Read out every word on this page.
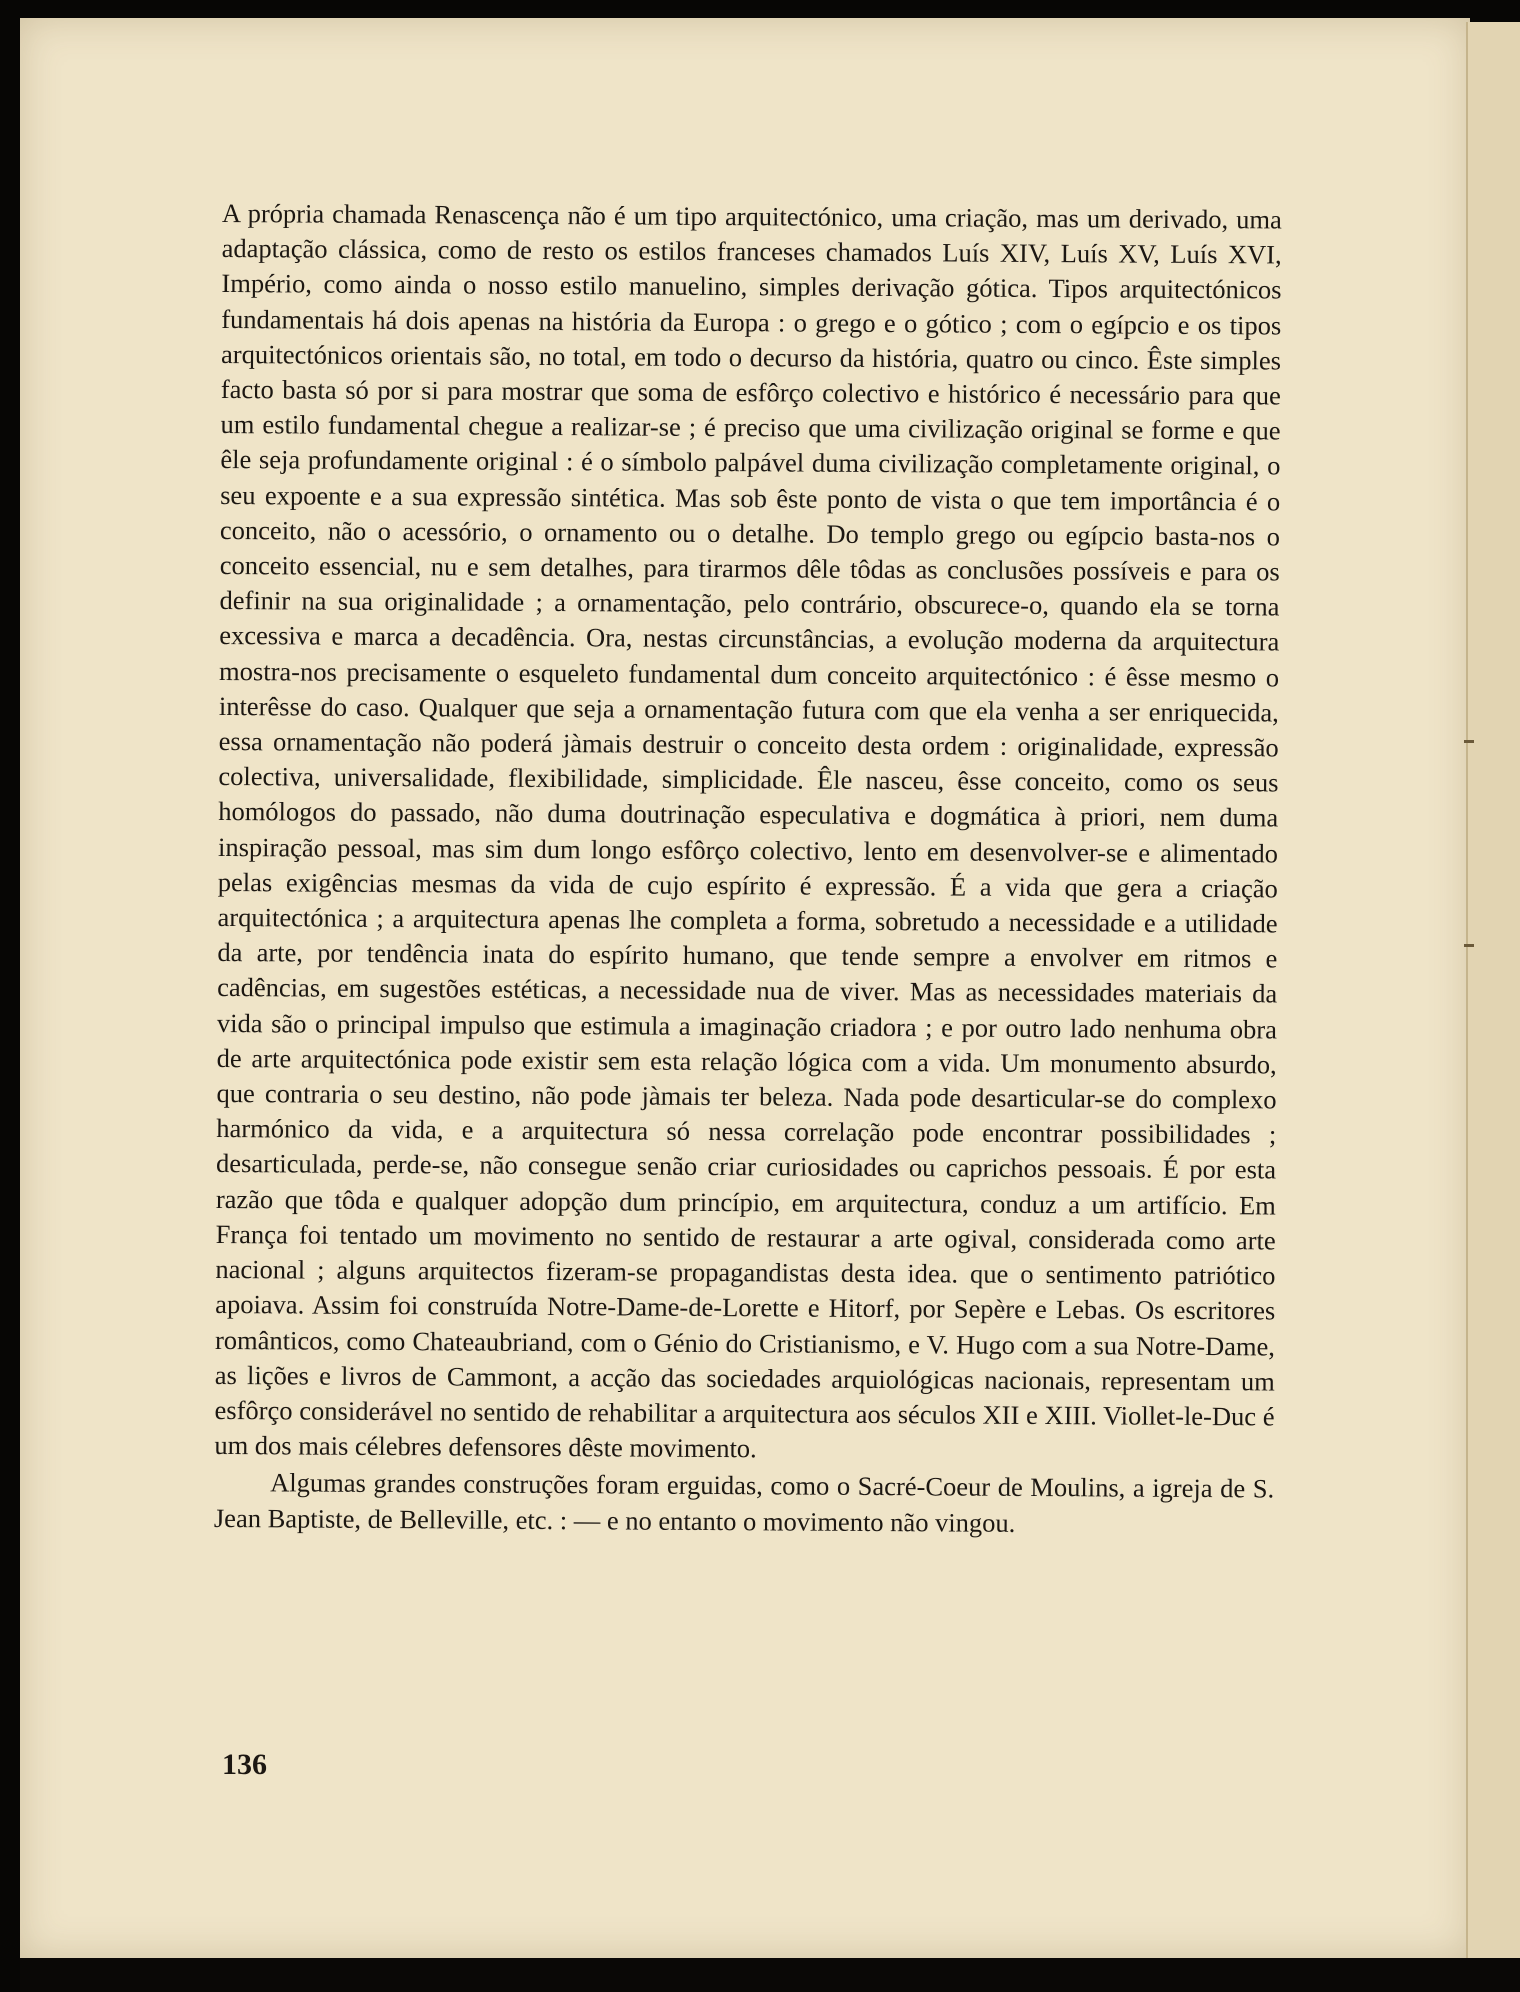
A própria chamada Renascença não é um tipo arquitectónico, uma criação, mas um derivado, uma adaptação clássica, como de resto os estilos franceses chamados Luís XIV, Luís XV, Luís XVI, Império, como ainda o nosso estilo manuelino, simples derivação gótica. Tipos arquitectónicos fundamentais há dois apenas na história da Europa : o grego e o gótico ; com o egípcio e os tipos arquitectónicos orientais são, no total, em todo o decurso da história, quatro ou cinco. Êste simples facto basta só por si para mostrar que soma de esfôrço colectivo e histórico é necessário para que um estilo fundamental chegue a realizar-se ; é preciso que uma civilização original se forme e que êle seja profundamente original : é o símbolo palpável duma civilização completamente original, o seu expoente e a sua expressão sintética. Mas sob êste ponto de vista o que tem importância é o conceito, não o acessório, o ornamento ou o detalhe. Do templo grego ou egípcio basta-nos o conceito essencial, nu e sem detalhes, para tirarmos dêle tôdas as conclusões possíveis e para os definir na sua originalidade ; a ornamentação, pelo contrário, obscurece-o, quando ela se torna excessiva e marca a decadência. Ora, nestas circunstâncias, a evolução moderna da arquitectura mostra-nos precisamente o esqueleto fundamental dum conceito arquitectónico : é êsse mesmo o interêsse do caso. Qualquer que seja a ornamentação futura com que ela venha a ser enriquecida, essa ornamentação não poderá jàmais destruir o conceito desta ordem : originalidade, expressão colectiva, universalidade, flexibilidade, simplicidade. Êle nasceu, êsse conceito, como os seus homólogos do passado, não duma doutrinação especulativa e dogmática à priori, nem duma inspiração pessoal, mas sim dum longo esfôrço colectivo, lento em desenvolver-se e alimentado pelas exigências mesmas da vida de cujo espírito é expressão. É a vida que gera a criação arquitectónica ; a arquitectura apenas lhe completa a forma, sobretudo a necessidade e a utilidade da arte, por tendência inata do espírito humano, que tende sempre a envolver em ritmos e cadências, em sugestões estéticas, a necessidade nua de viver. Mas as necessidades materiais da vida são o principal impulso que estimula a imaginação criadora ; e por outro lado nenhuma obra de arte arquitectónica pode existir sem esta relação lógica com a vida. Um monumento absurdo, que contraria o seu destino, não pode jàmais ter beleza. Nada pode desarticular-se do complexo harmónico da vida, e a arquitectura só nessa correlação pode encontrar possibilidades ; desarticulada, perde-se, não consegue senão criar curiosidades ou caprichos pessoais. É por esta razão que tôda e qualquer adopção dum princípio, em arquitectura, conduz a um artifício. Em França foi tentado um movimento no sentido de restaurar a arte ogival, considerada como arte nacional ; alguns arquitectos fizeram-se propagandistas desta idea. que o sentimento patriótico apoiava. Assim foi construída Notre-Dame-de-Lorette e Hitorf, por Sepère e Lebas. Os escritores românticos, como Chateaubriand, com o Génio do Cristianismo, e V. Hugo com a sua Notre-Dame, as lições e livros de Cammont, a acção das sociedades arquiológicas nacionais, representam um esfôrço considerável no sentido de rehabilitar a arquitectura aos séculos XII e XIII. Viollet-le-Duc é um dos mais célebres defensores dêste movimento.

Algumas grandes construções foram erguidas, como o Sacré-Coeur de Moulins, a igreja de S. Jean Baptiste, de Belleville, etc. : — e no entanto o movimento não vingou.

136
